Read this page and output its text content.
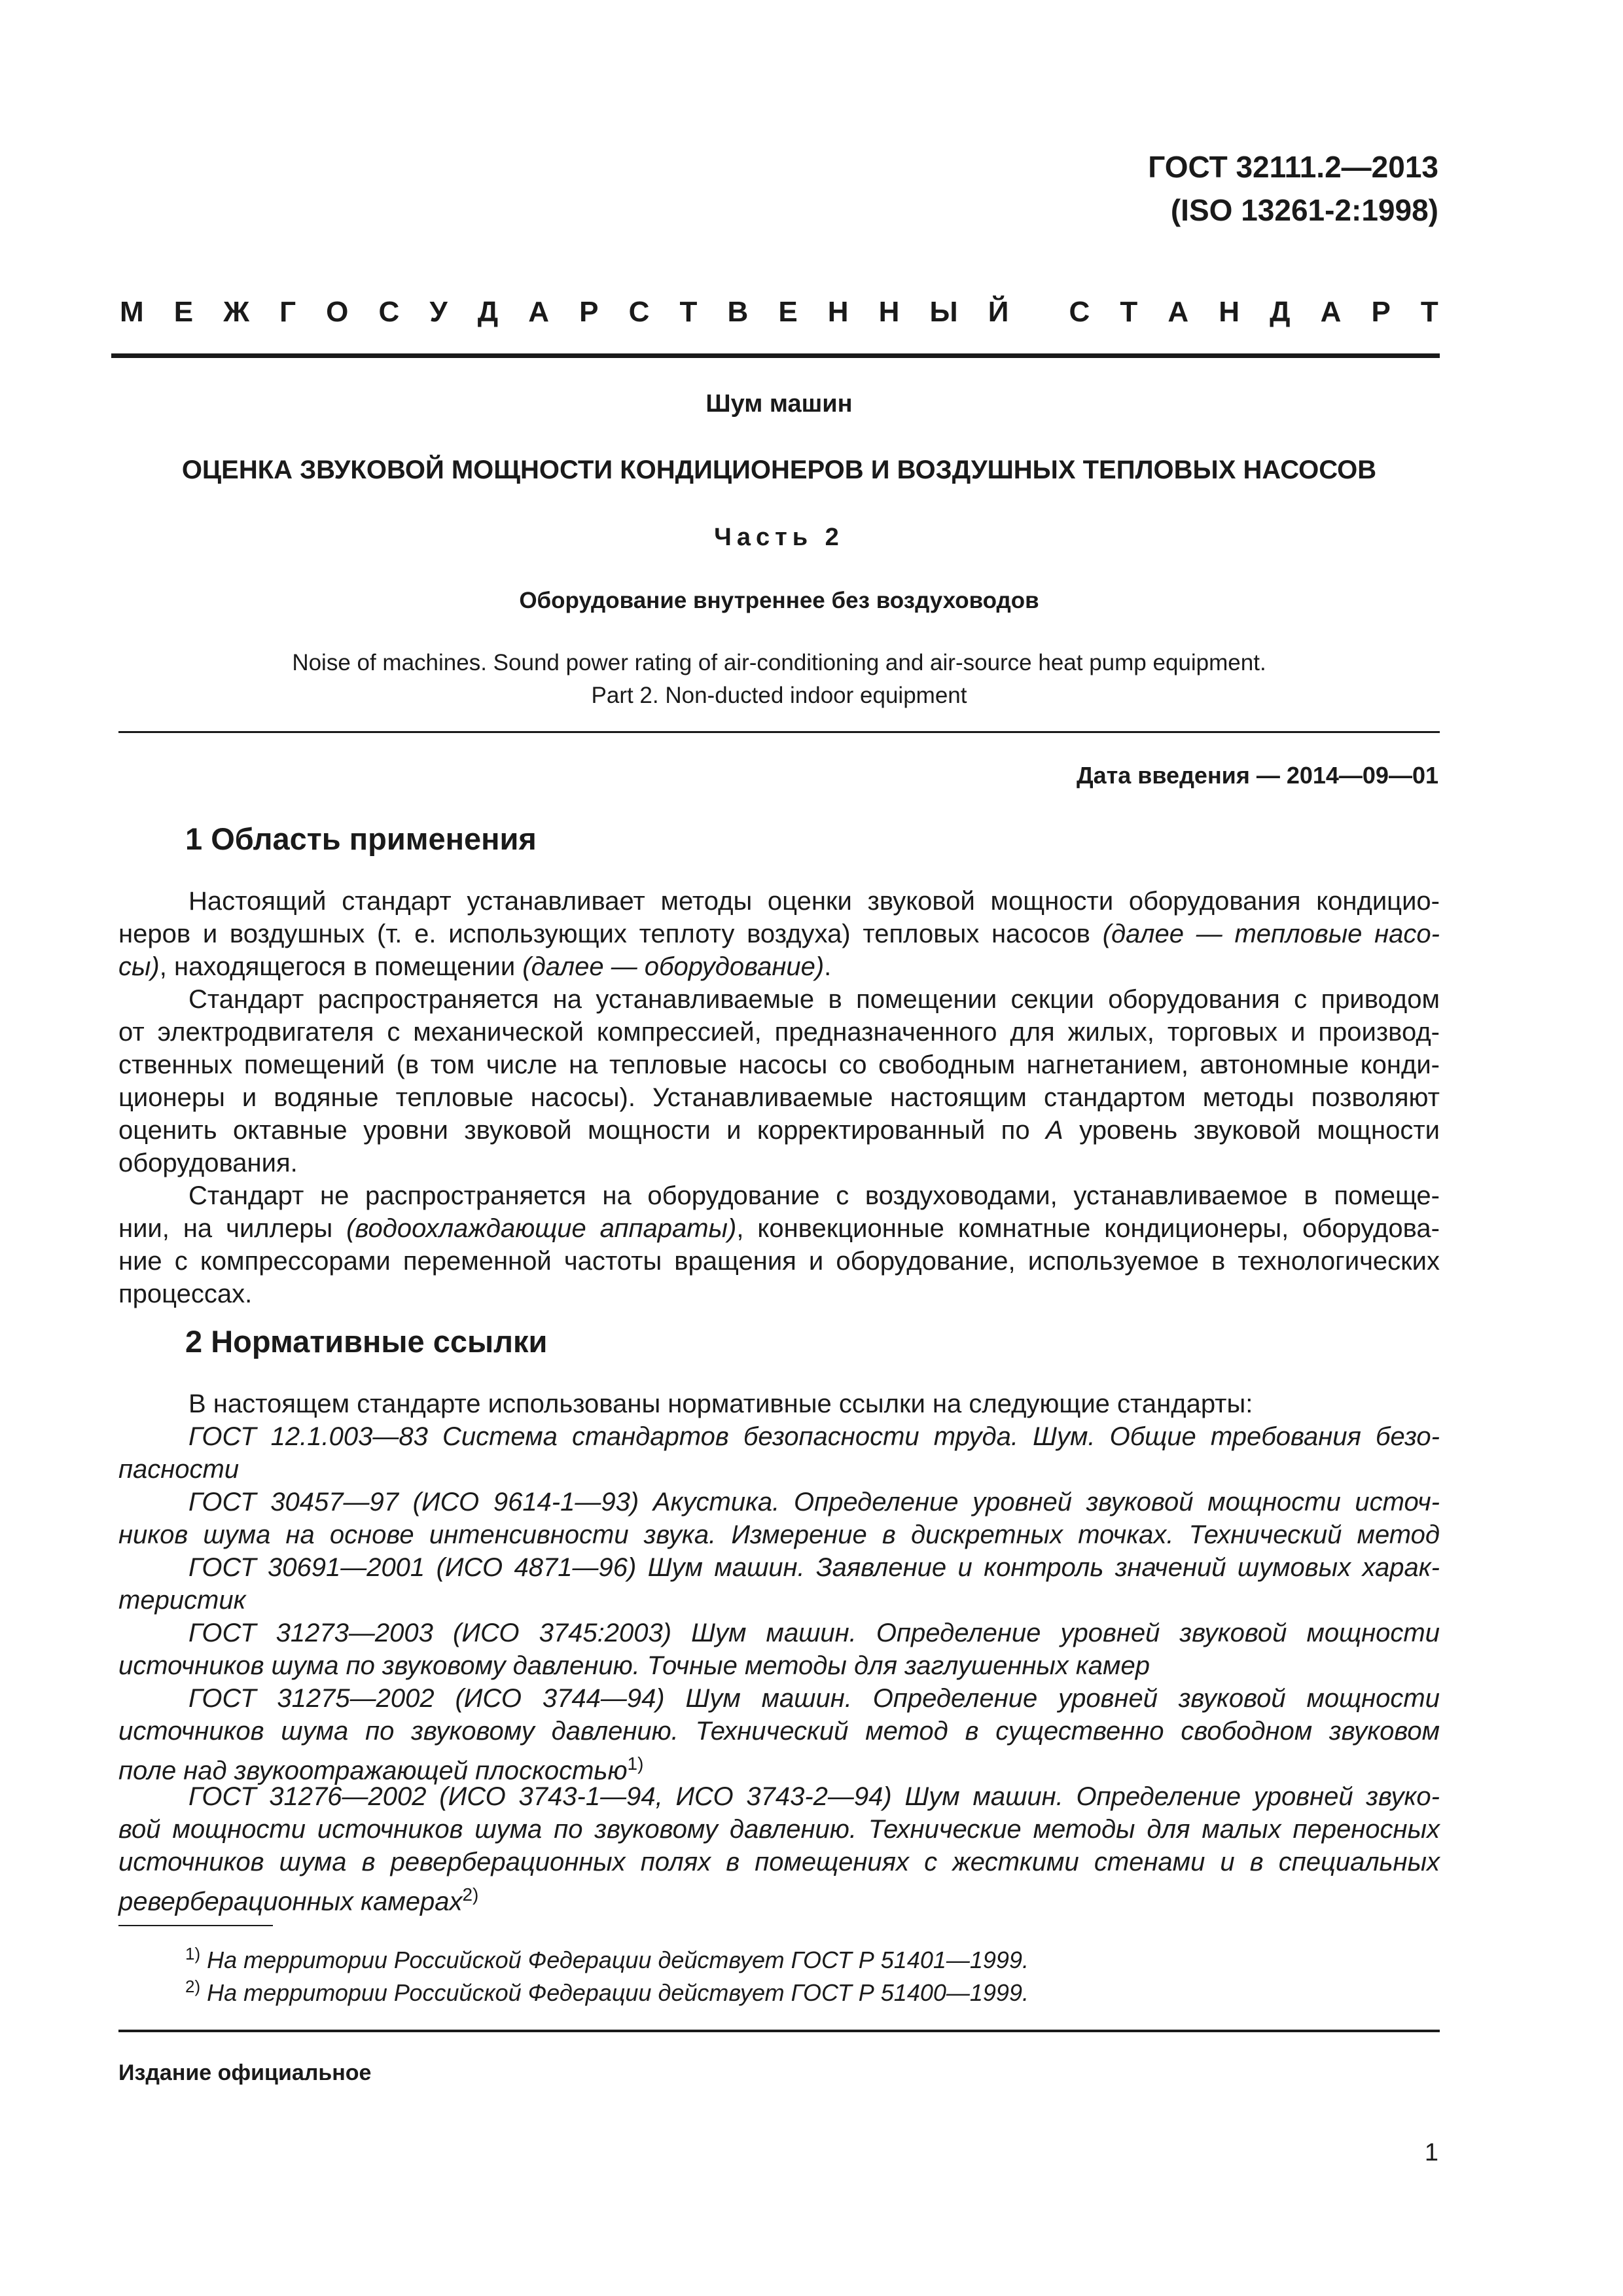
ГОСТ 32111.2—2013
(ISO 13261-2:1998)
М Е Ж Г О С У Д А Р С Т В Е Н Н Ы Й С Т А Н Д А Р Т
Шум машин
ОЦЕНКА ЗВУКОВОЙ МОЩНОСТИ КОНДИЦИОНЕРОВ И ВОЗДУШНЫХ ТЕПЛОВЫХ НАСОСОВ
Часть 2
Оборудование внутреннее без воздуховодов
Noise of machines. Sound power rating of air-conditioning and air-source heat pump equipment.
Part 2. Non-ducted indoor equipment
Дата введения — 2014—09—01
1 Область применения
Настоящий стандарт устанавливает методы оценки звуковой мощности оборудования кондицио-
неров и воздушных (т. е. использующих теплоту воздуха) тепловых насосов (далее — тепловые насо-
сы), находящегося в помещении (далее — оборудование).
Стандарт распространяется на устанавливаемые в помещении секции оборудования с приводом
от электродвигателя с механической компрессией, предназначенного для жилых, торговых и производ-
ственных помещений (в том числе на тепловые насосы со свободным нагнетанием, автономные конди-
ционеры и водяные тепловые насосы). Устанавливаемые настоящим стандартом методы позволяют
оценить октавные уровни звуковой мощности и корректированный по A уровень звуковой мощности
оборудования.
Стандарт не распространяется на оборудование с воздуховодами, устанавливаемое в помеще-
нии, на чиллеры (водоохлаждающие аппараты), конвекционные комнатные кондиционеры, оборудова-
ние с компрессорами переменной частоты вращения и оборудование, используемое в технологических
процессах.
2 Нормативные ссылки
В настоящем стандарте использованы нормативные ссылки на следующие стандарты:
ГОСТ 12.1.003—83 Система стандартов безопасности труда. Шум. Общие требования безо-
пасности
ГОСТ 30457—97 (ИСО 9614-1—93) Акустика. Определение уровней звуковой мощности источ-
ников шума на основе интенсивности звука. Измерение в дискретных точках. Технический метод
ГОСТ 30691—2001 (ИСО 4871—96) Шум машин. Заявление и контроль значений шумовых харак-
теристик
ГОСТ 31273—2003 (ИСО 3745:2003) Шум машин. Определение уровней звуковой мощности
источников шума по звуковому давлению. Точные методы для заглушенных камер
ГОСТ 31275—2002 (ИСО 3744—94) Шум машин. Определение уровней звуковой мощности
источников шума по звуковому давлению. Технический метод в существенно свободном звуковом
поле над звукоотражающей плоскостью$^{1)}$
ГОСТ 31276—2002 (ИСО 3743-1—94, ИСО 3743-2—94) Шум машин. Определение уровней звуко-
вой мощности источников шума по звуковому давлению. Технические методы для малых переносных
источников шума в реверберационных полях в помещениях с жесткими стенами и в специальных
реверберационных камерах$^{2)}$
$^{1)}$ На территории Российской Федерации действует ГОСТ Р 51401—1999.
$^{2)}$ На территории Российской Федерации действует ГОСТ Р 51400—1999.
Издание официальное
1
